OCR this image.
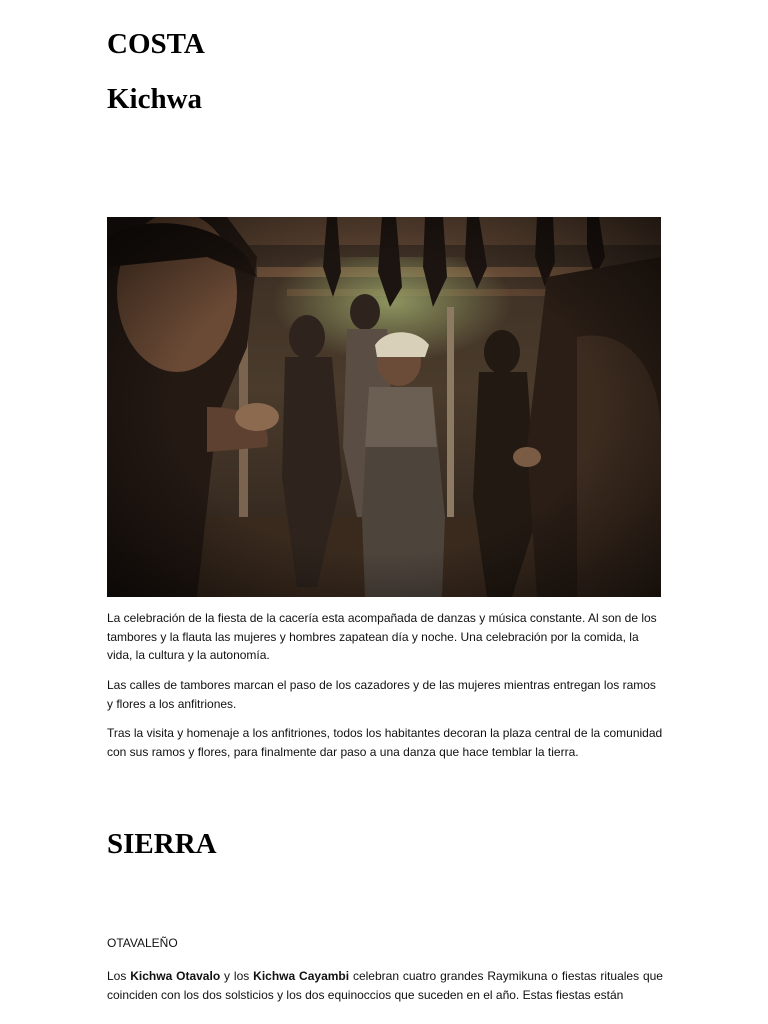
COSTA
Kichwa

La celebración de la fiesta de la cacería esta acompañada de danzas y música constante. Al son de los tambores y la flauta las mujeres y hombres zapatean día y noche. Una celebración por la comida, la vida, la cultura y la autonomía.

Las calles de tambores marcan el paso de los cazadores y de las mujeres mientras entregan los ramos y flores a los anfitriones.

Tras la visita y homenaje a los anfitriones, todos los habitantes decoran la plaza central de la comunidad con sus ramos y flores, para finalmente dar paso a una danza que hace temblar la tierra.

SIERRA

OTAVALEÑO

Los Kichwa Otavalo y los Kichwa Cayambi celebran cuatro grandes Raymikuna o fiestas rituales que coinciden con los dos solsticios y los dos equinoccios que suceden en el año. Estas fiestas están
